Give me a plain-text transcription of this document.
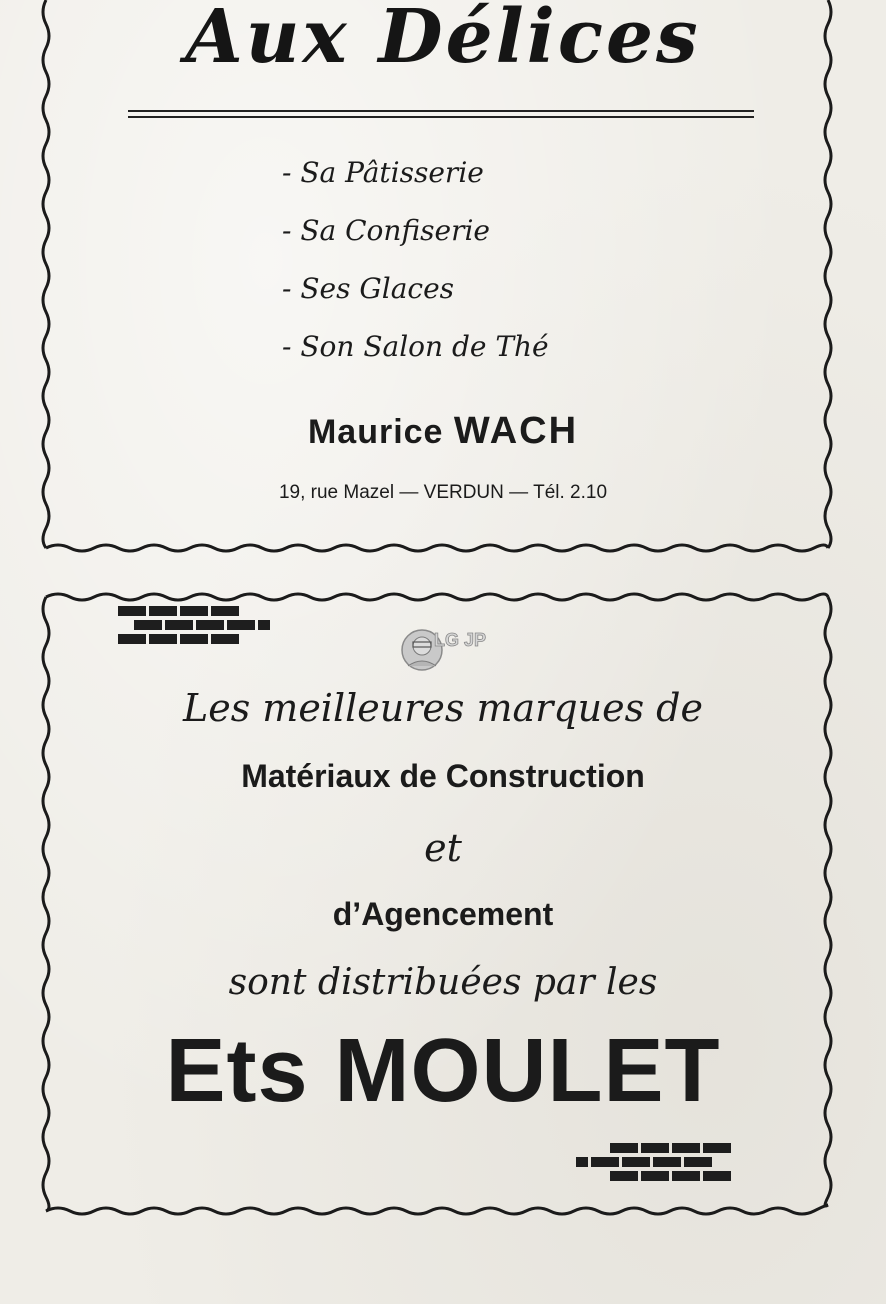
Aux Délices
- Sa Pâtisserie
- Sa Confiserie
- Ses Glaces
- Son Salon de Thé
Maurice WACH
19, rue Mazel — VERDUN — Tél. 2.10
LG JP
Les meilleures marques de
Matériaux de Construction
et
d’Agencement
sont distribuées par les
Ets MOULET
